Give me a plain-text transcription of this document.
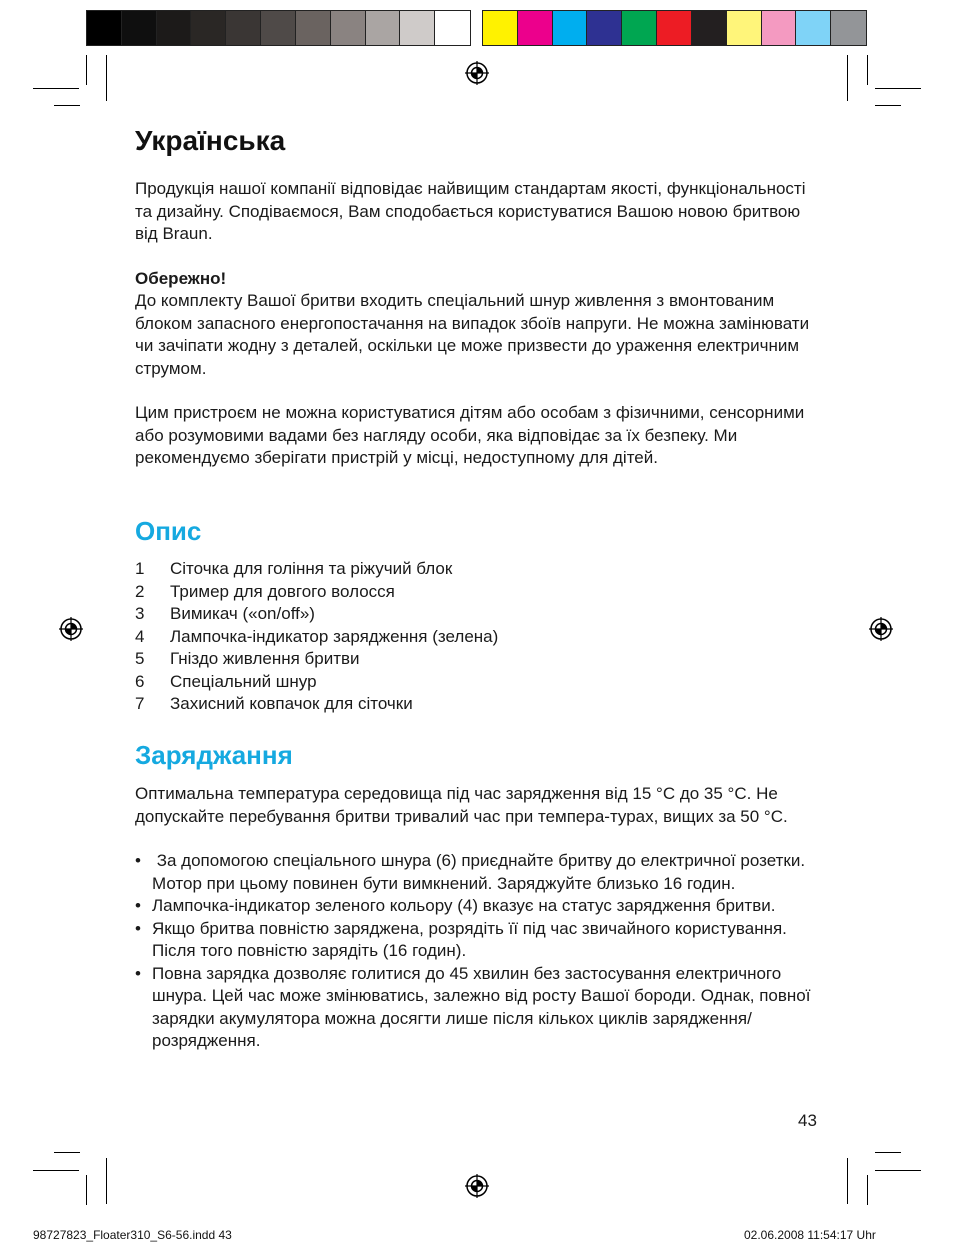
Українська

Продукція нашої компанії відповідає найвищим стандартам якості, функціональності та дизайну. Сподіваємося, Вам сподобається користуватися Вашою новою бритвою від Braun.

Обережно!

До комплекту Вашої бритви входить спеціальний шнур живлення з вмонтованим блоком запасного енергопостачання на випадок збоїв напруги. Не можна замінювати чи зачіпати жодну з деталей, оскільки це може призвести до ураження електричним струмом.

Цим пристроєм не можна користуватися дітям або особам з фізичними, сенсорними або розумовими вадами без нагляду особи, яка відповідає за їх безпеку. Ми рекомендуємо зберігати пристрій у місці, недоступному для дітей.

Опис
1	Сіточка для гоління та ріжучий блок
2	Тример для довгого волосся
3	Вимикач («on/off»)
4	Лампочка-індикатор зарядження (зелена)
5	Гніздо живлення бритви
6	Спеціальний шнур
7	Захисний ковпачок для сіточки
Заряджання

Оптимальна температура середовища під час зарядження від 15 °C до 35 °C. Не допускайте перебування бритви тривалий час при темпера-турах, вищих за 50 °C.

• За допомогою спеціального шнура (6) приєднайте бритву до електричної розетки. Мотор при цьому повинен бути вимкнений. Заряджуйте близько 16 годин.
• Лампочка-індикатор зеленого кольору (4) вказує на статус зарядження бритви.
• Якщо бритва повністю заряджена, розрядіть її під час звичайного користування. Після того повністю зарядіть (16 годин).
• Повна зарядка дозволяє голитися до 45 хвилин без застосування електричного шнура. Цей час може змінюватись, залежно від росту Вашої бороди. Однак, повної зарядки акумулятора можна досягти лише після кількох циклів зарядження/розрядження.
43
98727823_Floater310_S6-56.indd 43	02.06.2008 11:54:17 Uhr
